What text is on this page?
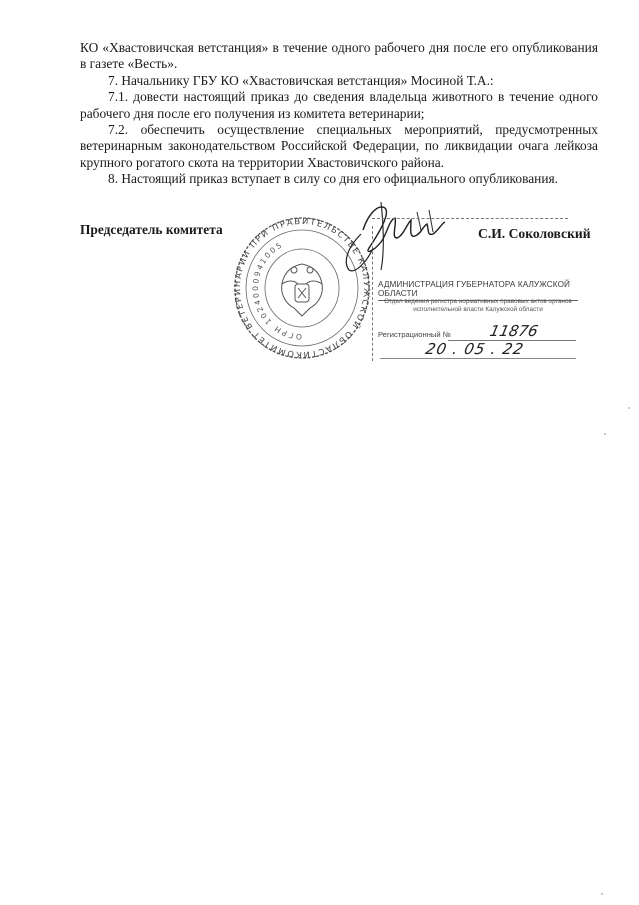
КО «Хвастовичская ветстанция» в течение одного рабочего дня после его опубликования в газете «Весть».

7. Начальнику ГБУ КО «Хвастовичская ветстанция» Мосиной Т.А.:

7.1. довести настоящий приказ до сведения владельца животного в течение одного рабочего дня после его получения из комитета ветеринарии;

7.2. обеспечить осуществление специальных мероприятий, предусмотренных ветеринарным законодательством Российской Федерации, по ликвидации очага лейкоза крупного рогатого скота на территории Хвастовичского района.

8. Настоящий приказ вступает в силу со дня его официального опубликования.

Председатель комитета
КОМИТЕТ ВЕТЕРИНАРИИ ПРИ ПРАВИТЕЛЬСТВЕ КАЛУЖСКОЙ ОБЛАСТИ
ОГРН 1024000941005
С.И. Соколовский
АДМИНИСТРАЦИЯ ГУБЕРНАТОРА КАЛУЖСКОЙ ОБЛАСТИ
Отдел ведения регистра нормативных правовых актов органов исполнительной власти Калужской области
Регистрационный № 11876
20 . 05 . 22
